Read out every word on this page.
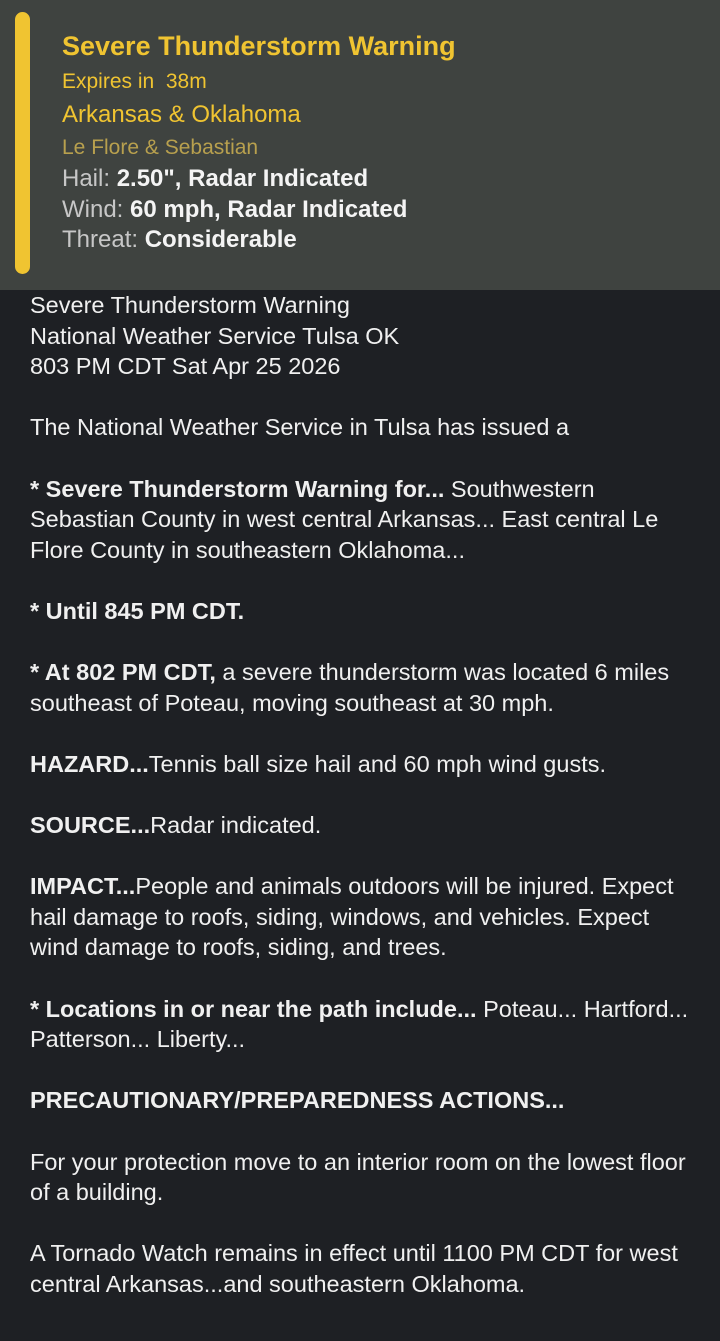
Severe Thunderstorm Warning
Expires in  38m
Arkansas & Oklahoma
Le Flore & Sebastian
Hail: 2.50", Radar Indicated
Wind: 60 mph, Radar Indicated
Threat: Considerable
Severe Thunderstorm Warning
National Weather Service Tulsa OK
803 PM CDT Sat Apr 25 2026
The National Weather Service in Tulsa has issued a
* Severe Thunderstorm Warning for... Southwestern Sebastian County in west central Arkansas... East central Le Flore County in southeastern Oklahoma...
* Until 845 PM CDT.
* At 802 PM CDT, a severe thunderstorm was located 6 miles southeast of Poteau, moving southeast at 30 mph.
HAZARD...Tennis ball size hail and 60 mph wind gusts.
SOURCE...Radar indicated.
IMPACT...People and animals outdoors will be injured. Expect hail damage to roofs, siding, windows, and vehicles. Expect wind damage to roofs, siding, and trees.
* Locations in or near the path include... Poteau... Hartford... Patterson... Liberty...
PRECAUTIONARY/PREPAREDNESS ACTIONS...
For your protection move to an interior room on the lowest floor of a building.
A Tornado Watch remains in effect until 1100 PM CDT for west central Arkansas...and southeastern Oklahoma.
